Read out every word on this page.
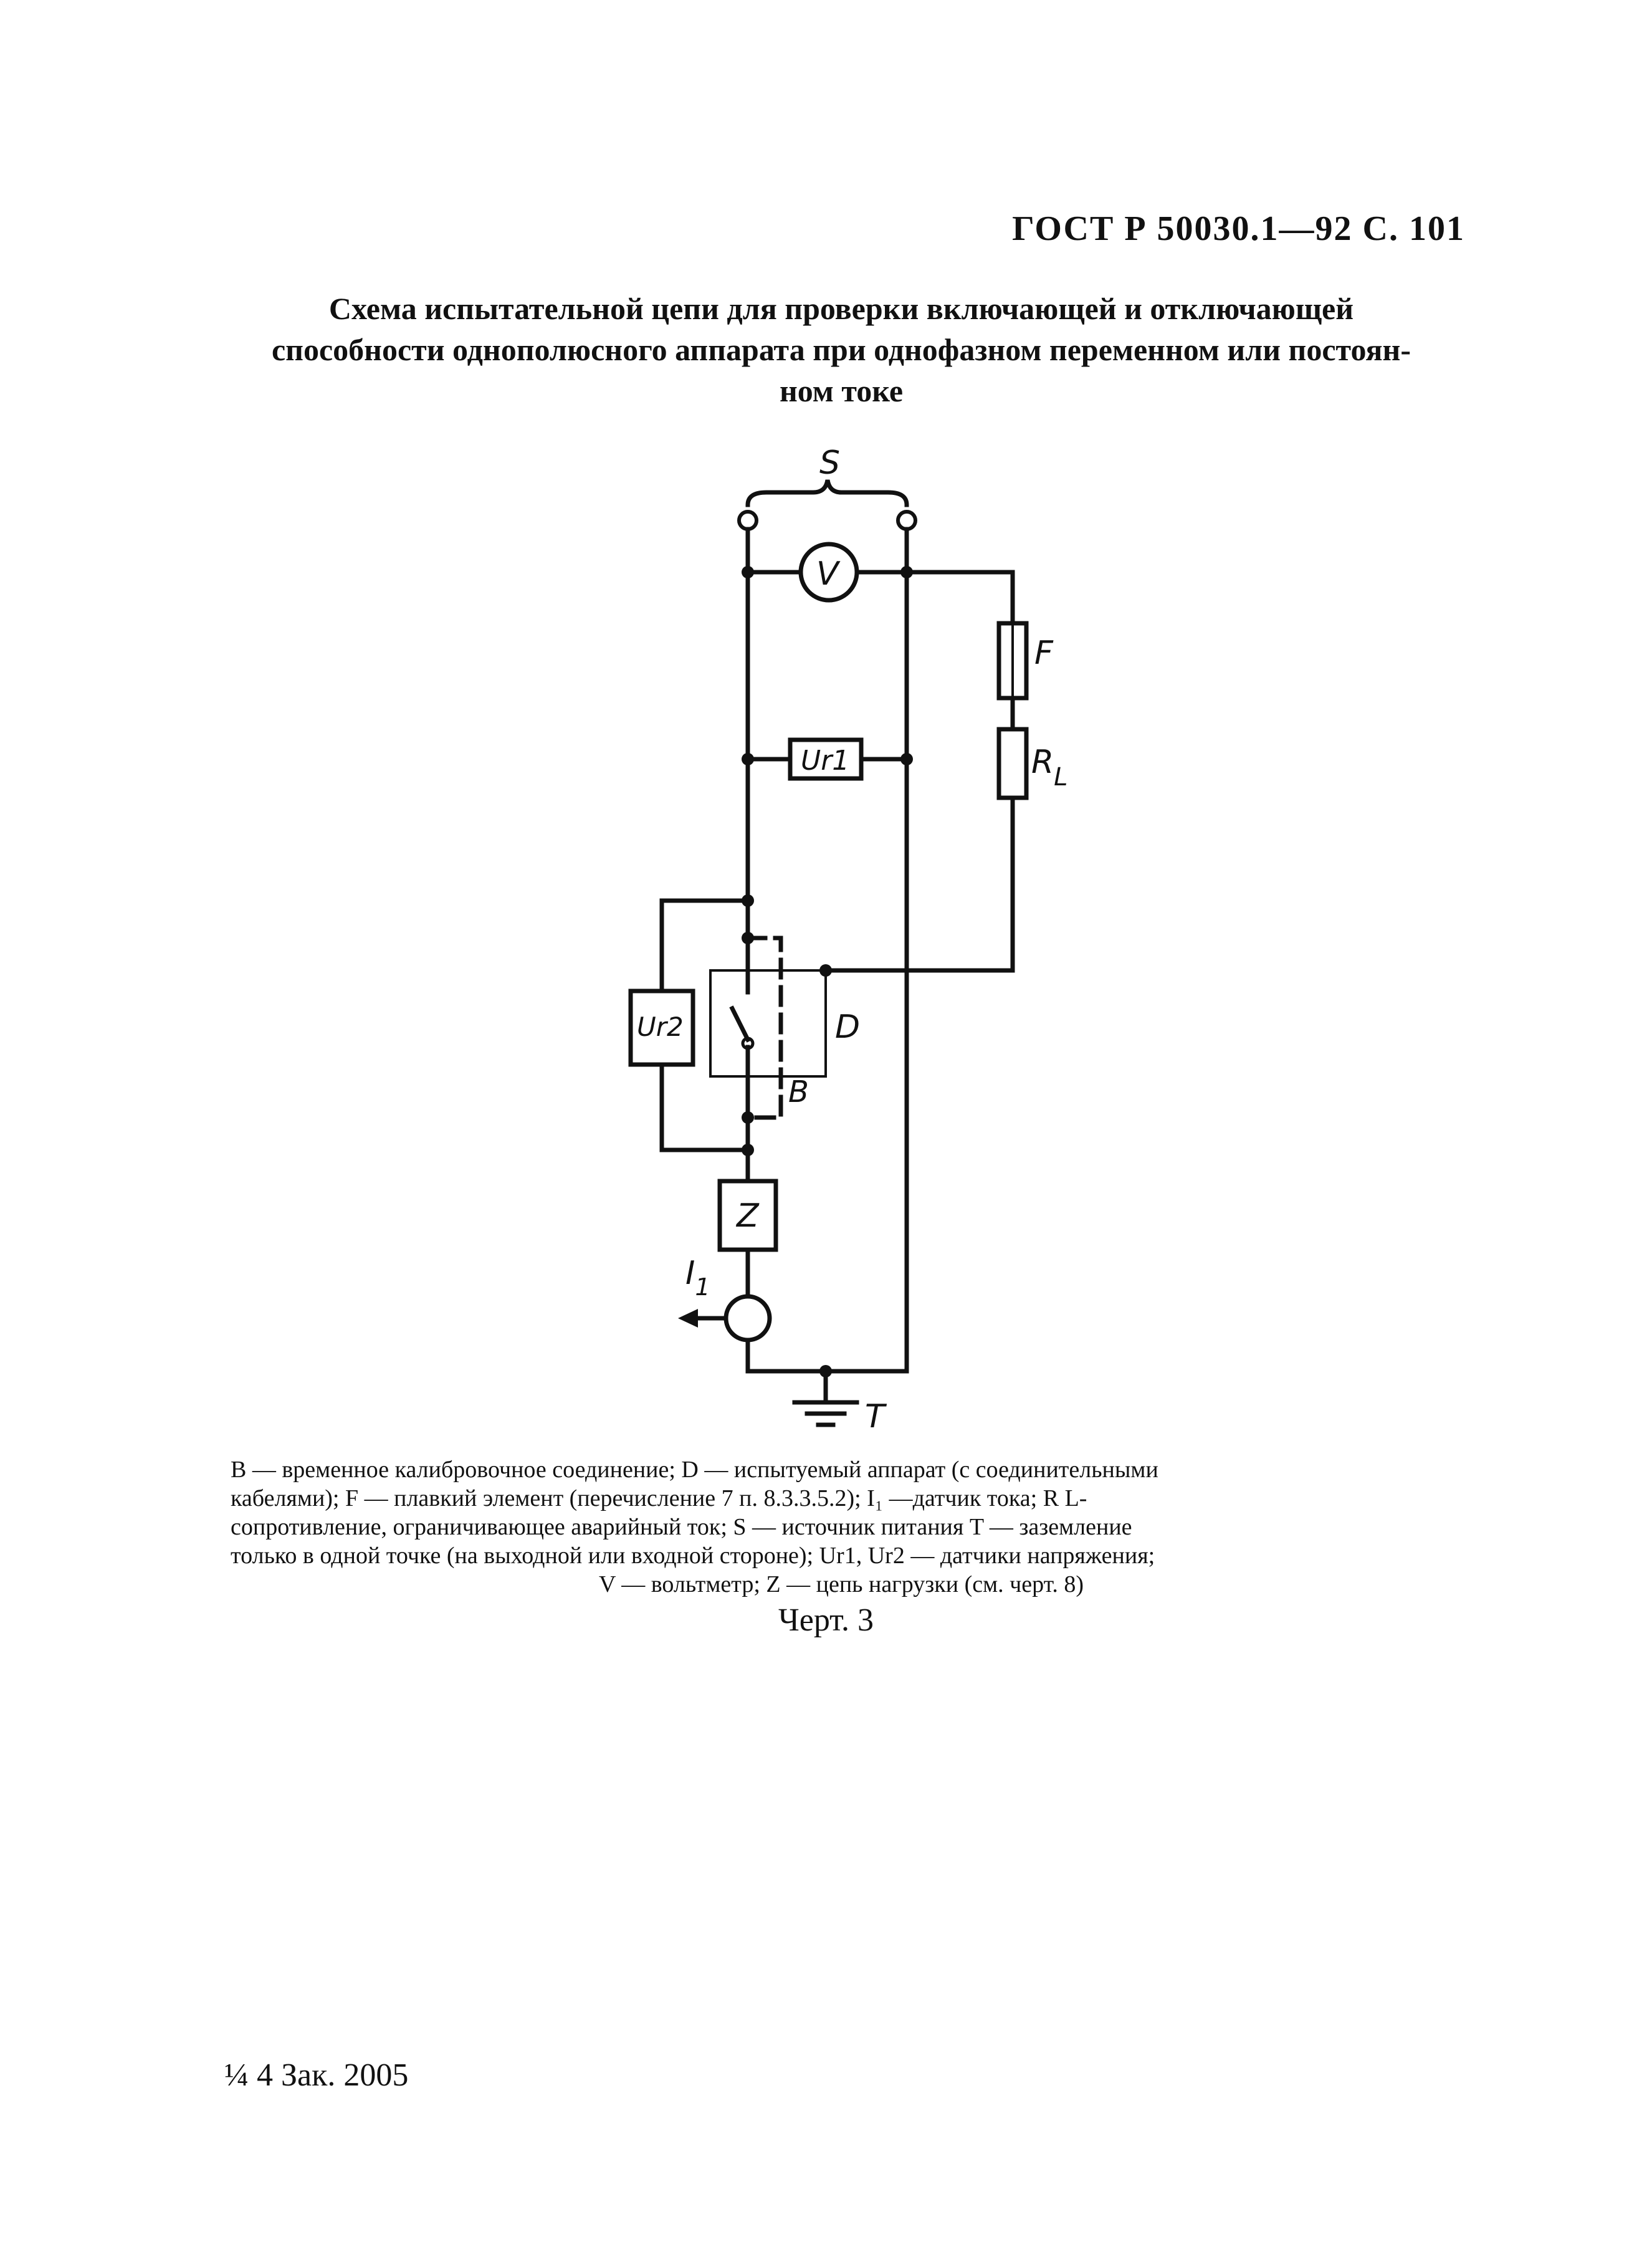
ГОСТ Р 50030.1—92 С. 101
Схема испытательной цепи для проверки включающей и отключающей
способности однополюсного аппарата при однофазном переменном или постоян-
ном токе
S
V
F
$R_L$
Ur1
Ur2	D
B
Z
$I_1$
T
B — временное калибровочное соединение; D — испытуемый аппарат (с соединительными
кабелями); F — плавкий элемент (перечисление 7 п. 8.3.3.5.2); I₁ —датчик тока; R L-
сопротивление, ограничивающее аварийный ток; S — источник питания T — заземление
только в одной точке (на выходной или входной стороне); Ur1, Ur2 — датчики напряжения;
V — вольтметр; Z — цепь нагрузки (см. черт. 8)
Черт. 3
¼ 4 Зак. 2005
